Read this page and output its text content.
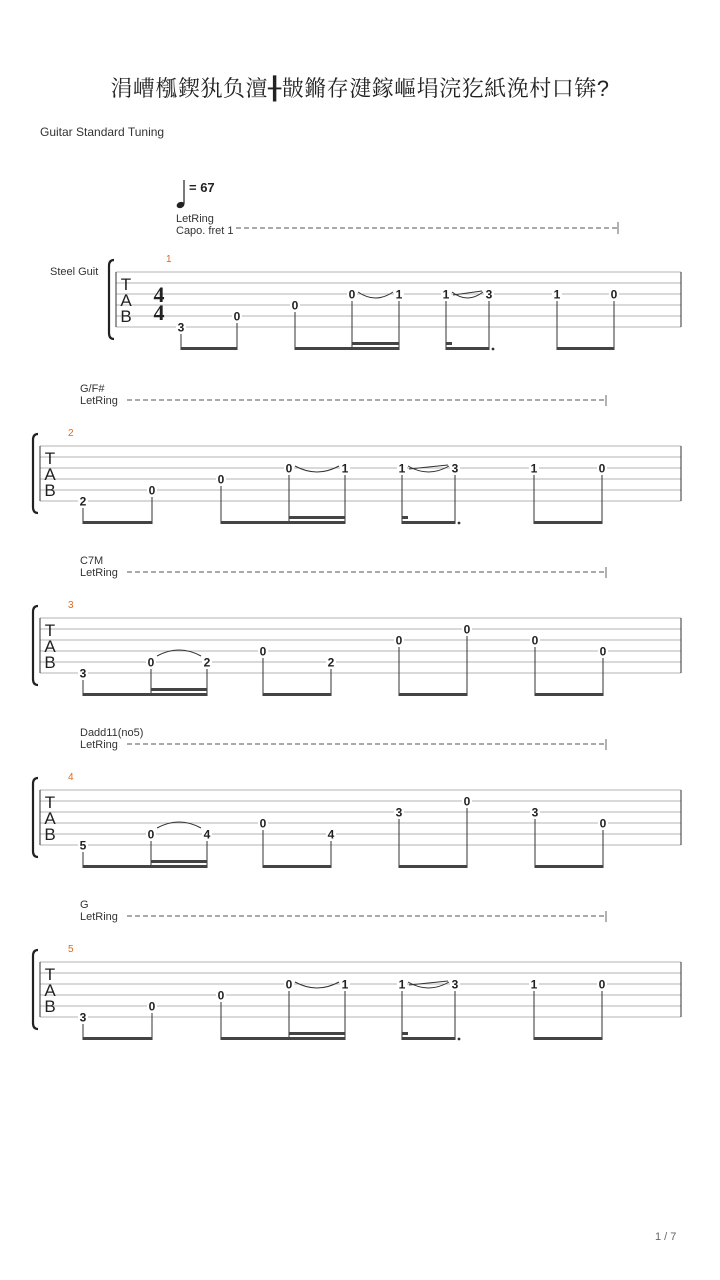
涓嶆槬鍥犱负澶╂皵鏅存湕鎵嶇埍浣犵紙浼村口锛?
Guitar Standard Tuning
= 67
LetRing
Capo. fret 1
Steel Guit
T
A
B
4
4
1
3
0
0
0	1	1	3	1	0
T
A
B
2
G/F#
LetRing
2
0
0
0	1	1	3	1	0
T
A
B
3
C7M
LetRing
3
0	2
0
2
0
0
0
0
T
A
B
4
Dadd11(no5)
LetRing
5
0	4
0
4
3
0
3
0
T
A
B
5
G
LetRing
3
0
0
0	1	1	3	1	0
1 / 7
